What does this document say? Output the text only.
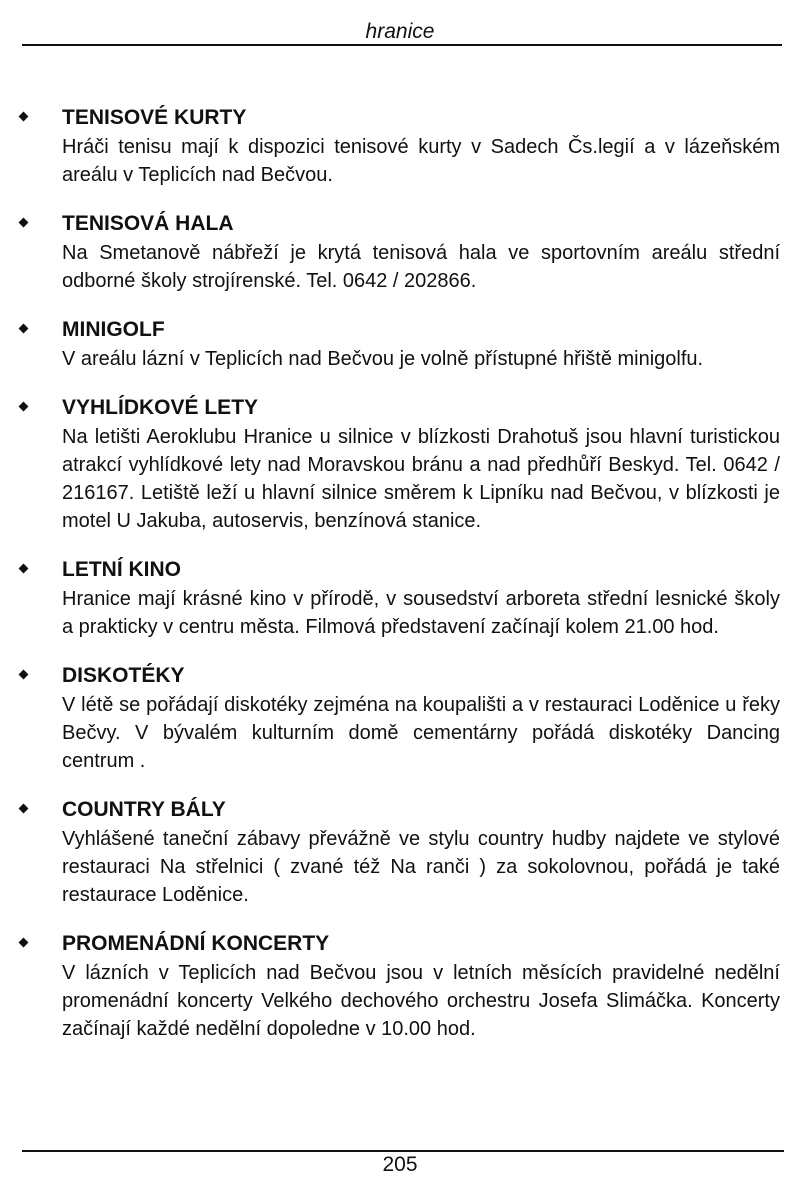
hranice
TENISOVÉ KURTY
Hráči tenisu mají k dispozici tenisové kurty v Sadech Čs.legií a v lázeňském areálu v Teplicích nad Bečvou.
TENISOVÁ HALA
Na Smetanově nábřeží je krytá tenisová hala ve sportovním areálu střední odborné školy strojírenské. Tel. 0642 / 202866.
MINIGOLF
V areálu lázní v Teplicích nad Bečvou je volně přístupné hřiště minigolfu.
VYHLÍDKOVÉ LETY
Na letišti Aeroklubu Hranice u silnice v blízkosti Drahotuš jsou hlavní turistickou atrakcí vyhlídkové lety nad Moravskou bránu a nad předhůří Beskyd. Tel. 0642 / 216167. Letiště leží u hlavní silnice směrem k Lipníku nad Bečvou, v blízkosti je motel U Jakuba, autoservis, benzínová stanice.
LETNÍ KINO
Hranice mají krásné kino v přírodě, v sousedství arboreta střední lesnické školy a prakticky v centru města. Filmová představení začínají kolem 21.00 hod.
DISKOTÉKY
V létě se pořádají diskotéky zejména na koupališti a v restauraci Loděnice u řeky Bečvy. V bývalém kulturním domě cementárny pořádá diskotéky Dancing centrum .
COUNTRY BÁLY
Vyhlášené taneční zábavy převážně ve stylu country hudby najdete ve stylové restauraci Na střelnici ( zvané též Na ranči ) za sokolovnou, pořádá je také restaurace Loděnice.
PROMENÁDNÍ KONCERTY
V lázních v Teplicích nad Bečvou jsou v letních měsících pravidelné nedělní promenádní koncerty Velkého dechového orchestru Josefa Slimáčka. Koncerty začínají každé nedělní dopoledne v 10.00 hod.
205
